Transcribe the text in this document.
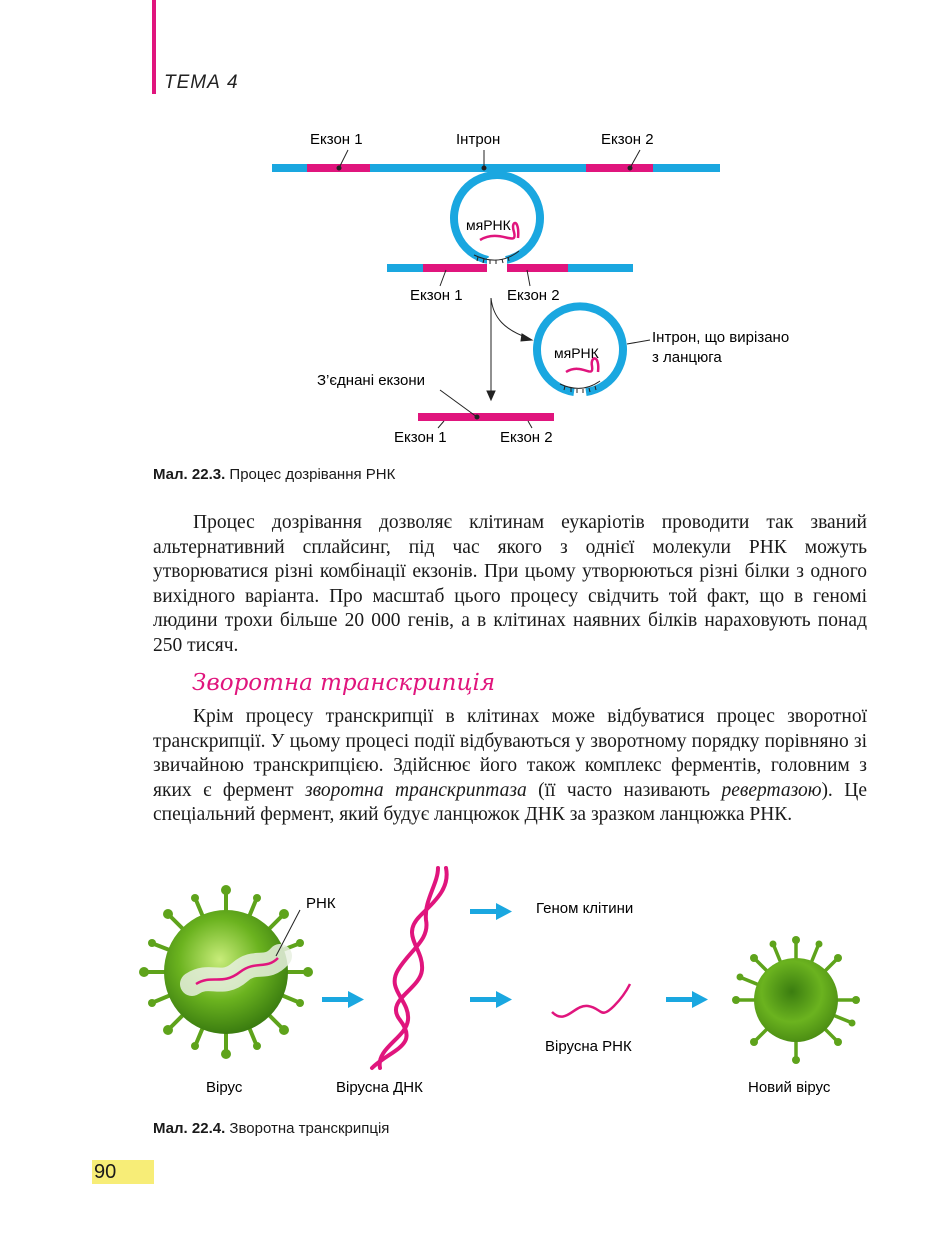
ТЕМА 4
Екзон 1	Інтрон	Екзон 2
мяРНК
Екзон 1	Екзон 2
мяРНК
Інтрон, що вирізано
з ланцюга
З’єднані екзони
Екзон 1	Екзон 2
Мал. 22.3. Процес дозрівання РНК
Процес дозрівання дозволяє клітинам еукаріотів проводити так званий альтернативний сплайсинг, під час якого з однієї молекули РНК можуть утворюватися різні комбінації екзонів. При цьому утворюються різні білки з одного вихідного варіанта. Про масштаб цього процесу свідчить той факт, що в геномі людини трохи більше 20 000 генів, а в клітинах наявних білків нараховують понад 250 тисяч.
Зворотна транскрипція
Крім процесу транскрипції в клітинах може відбуватися процес зворотної транскрипції. У цьому процесі події відбуваються у зворотному порядку порівняно зі звичайною транскрипцією. Здійснює його також комплекс ферментів, головним з яких є фермент зворотна транскриптаза (її часто називають ревертазою). Це спеціальний фермент, який будує ланцюжок ДНК за зразком ланцюжка РНК.
РНК	Геном клітини
Вірусна РНК
Вірус	Вірусна ДНК	Новий вірус
Мал. 22.4. Зворотна транскрипція
90
